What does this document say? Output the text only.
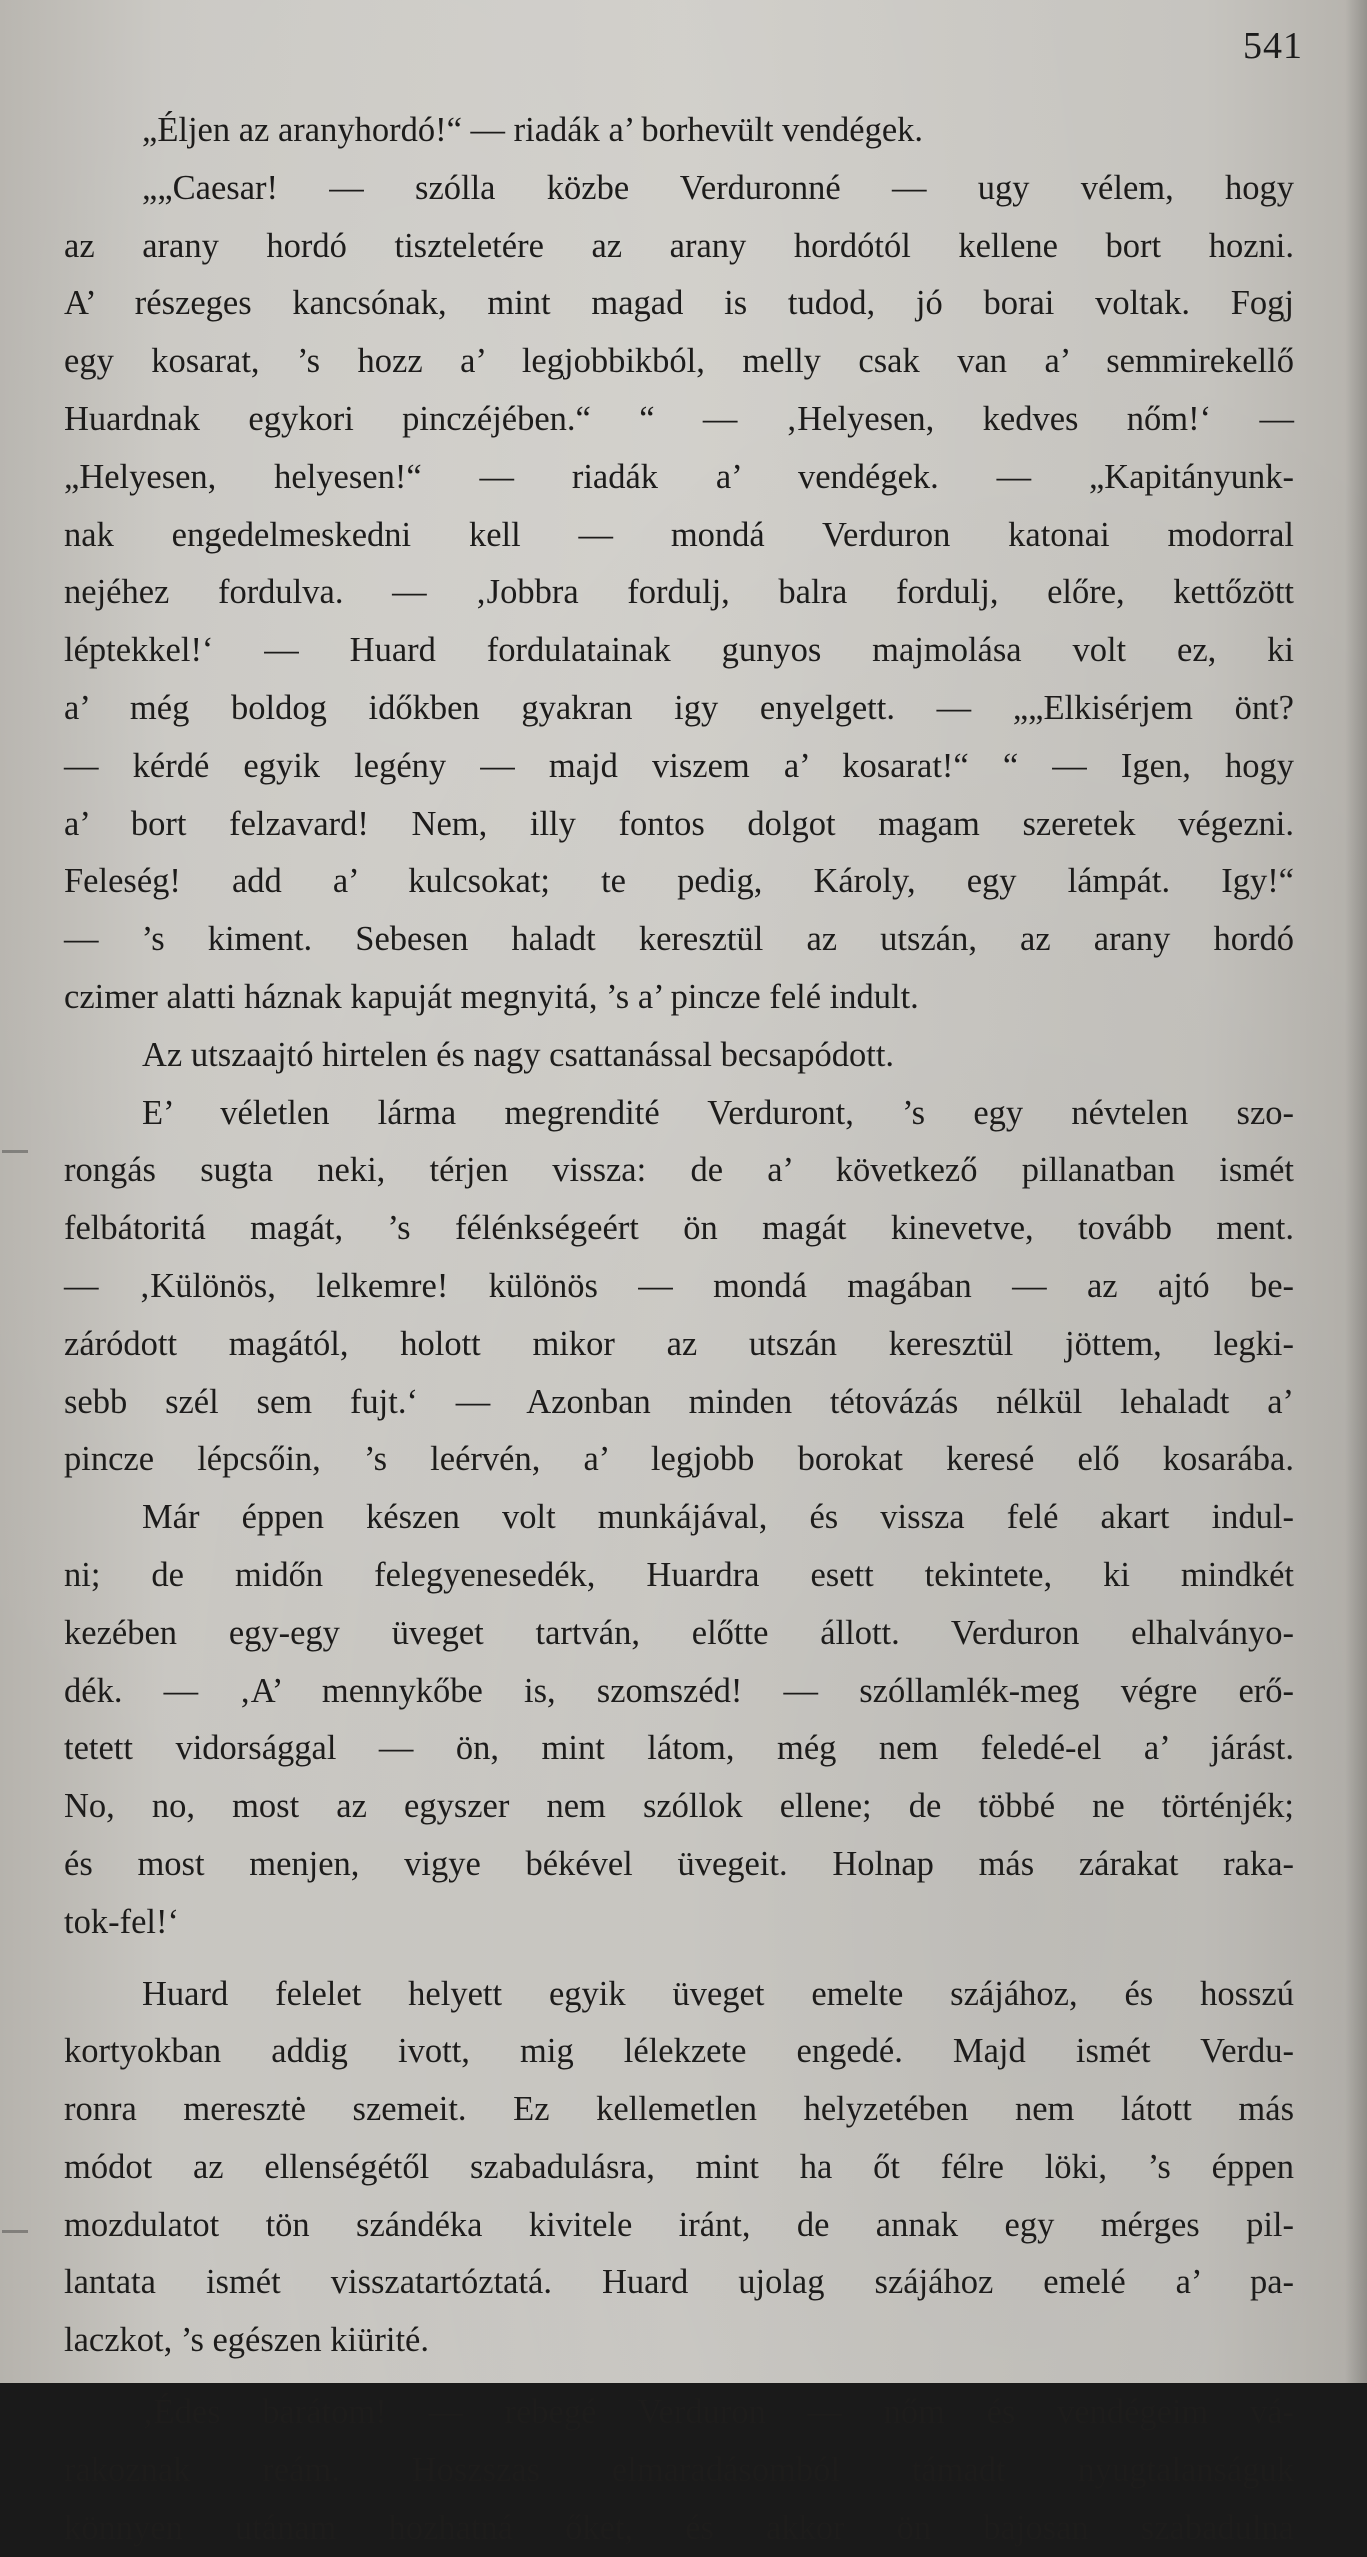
541
„Éljen az aranyhordó!“ — riadák a’ borhevült vendégek.
„„Caesar! — szólla közbe Verduronné — ugy vélem, hogy
az arany hordó tiszteletére az arany hordótól kellene bort hozni.
A’ részeges kancsónak, mint magad is tudod, jó borai voltak. Fogj
egy kosarat, ’s hozz a’ legjobbikból, melly csak van a’ semmirekellő
Huardnak egykori pinczéjében.“ “ — ‚Helyesen, kedves nőm!‘ —
„Helyesen, helyesen!“ — riadák a’ vendégek. — „Kapitányunk-
nak engedelmeskedni kell — mondá Verduron katonai modorral
nejéhez fordulva. — ‚Jobbra fordulj, balra fordulj, előre, kettőzött
léptekkel!‘ — Huard fordulatainak gunyos majmolása volt ez, ki
a’ még boldog időkben gyakran igy enyelgett. — „„Elkisérjem önt?
— kérdé egyik legény — majd viszem a’ kosarat!“ “ — Igen, hogy
a’ bort felzavard! Nem, illy fontos dolgot magam szeretek végezni.
Feleség! add a’ kulcsokat; te pedig, Károly, egy lámpát. Igy!“
— ’s kiment. Sebesen haladt keresztül az utszán, az arany hordó
czimer alatti háznak kapuját megnyitá, ’s a’ pincze felé indult.
Az utszaajtó hirtelen és nagy csattanással becsapódott.
E’ véletlen lárma megrendité Verduront, ’s egy névtelen szo-
rongás sugta neki, térjen vissza: de a’ következő pillanatban ismét
felbátoritá magát, ’s félénkségeért ön magát kinevetve, tovább ment.
— ‚Különös, lelkemre! különös — mondá magában — az ajtó be-
záródott magától, holott mikor az utszán keresztül jöttem, legki-
sebb szél sem fujt.‘ — Azonban minden tétovázás nélkül lehaladt a’
pincze lépcsőin, ’s leérvén, a’ legjobb borokat keresé elő kosarába.
Már éppen készen volt munkájával, és vissza felé akart indul-
ni; de midőn felegyenesedék, Huardra esett tekintete, ki mindkét
kezében egy-egy üveget tartván, előtte állott. Verduron elhalványo-
dék. — ‚A’ mennykőbe is, szomszéd! — szóllamlék-meg végre erő-
tetett vidorsággal — ön, mint látom, még nem feledé-el a’ járást.
No, no, most az egyszer nem szóllok ellene; de többé ne történjék;
és most menjen, vigye békével üvegeit. Holnap más zárakat raka-
tok-fel!‘
Huard felelet helyett egyik üveget emelte szájához, és hosszú
kortyokban addig ivott, mig lélekzete engedé. Majd ismét Verdu-
ronra meresztė szemeit. Ez kellemetlen helyzetében nem látott más
módot az ellenségétől szabadulásra, mint ha őt félre löki, ’s éppen
mozdulatot tön szándéka kivitele iránt, de annak egy mérges pil-
lantata ismét visszatartóztatá. Huard ujolag szájához emelé a’ pa-
laczkot, ’s egészen kiürité.
‚Édes barátom! — rebegé Verduron — nőm és vendégeim vá-
rakoznak reám. Hoszszas elmaradásomból támadt nyugtalanságuk
könnyen utánam hozhatná őket, és akkor ön bajosan szabadulna
